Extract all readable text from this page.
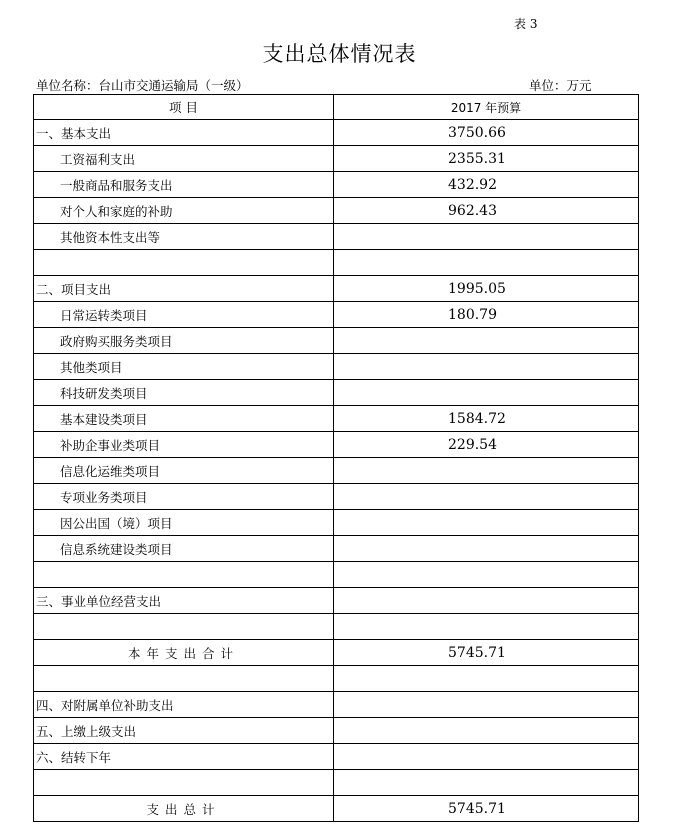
表 3
支出总体情况表
单位名称：台山市交通运输局（一级）	单位：万元
项 目	2017 年预算
一、基本支出	3750.66
工资福利支出	2355.31
一般商品和服务支出	432.92
对个人和家庭的补助	962.43
其他资本性支出等	

二、项目支出	1995.05
日常运转类项目	180.79
政府购买服务类项目	
其他类项目	
科技研发类项目	
基本建设类项目	1584.72
补助企事业类项目	229.54
信息化运维类项目	
专项业务类项目	
因公出国（境）项目	
信息系统建设类项目	

三、事业单位经营支出	

本年支出合计	5745.71

四、对附属单位补助支出	
五、上缴上级支出	
六、结转下年	

支出总计	5745.71
